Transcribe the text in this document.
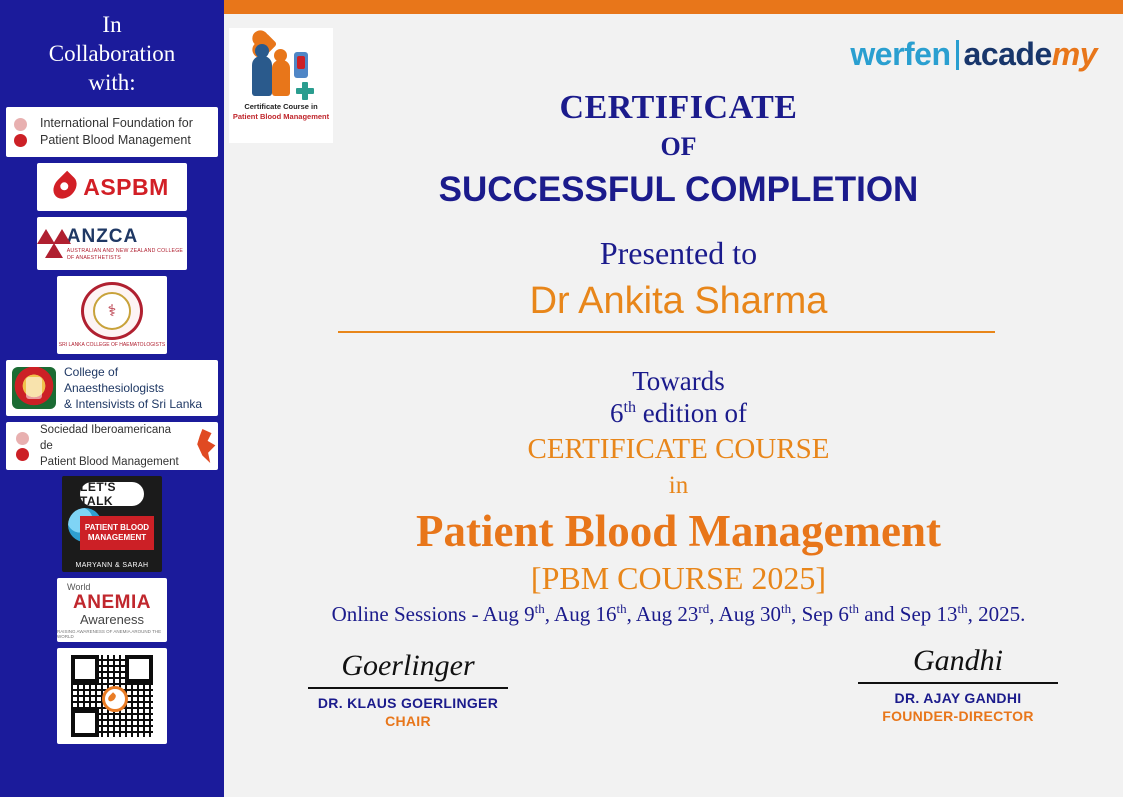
In
Collaboration
with:
International Foundation for
Patient Blood Management
ASPBM
ANZCA
AUSTRALIAN AND NEW ZEALAND COLLEGE OF ANAESTHETISTS
⚕
SRI LANKA COLLEGE OF HAEMATOLOGISTS
College of Anaesthesiologists
& Intensivists of Sri Lanka
Sociedad Iberoamericana de
Patient Blood Management
LET'S TALK
PATIENT BLOOD MANAGEMENT
MARYANN & SARAH
World
ANEMIA
Awareness
RAISING AWARENESS OF ANEMIA AROUND THE WORLD
Certificate Course in
Patient Blood Management
werfen acade my
CERTIFICATE
OF
SUCCESSFUL COMPLETION
Presented to
Dr Ankita Sharma
Towards
6th edition of
CERTIFICATE COURSE
in
Patient Blood Management
[PBM COURSE 2025]
Online Sessions - Aug 9th, Aug 16th, Aug 23rd, Aug 30th, Sep 6th and Sep 13th, 2025.
Goerlinger
DR. KLAUS GOERLINGER
CHAIR
Gandhi
DR. AJAY GANDHI
FOUNDER-DIRECTOR
